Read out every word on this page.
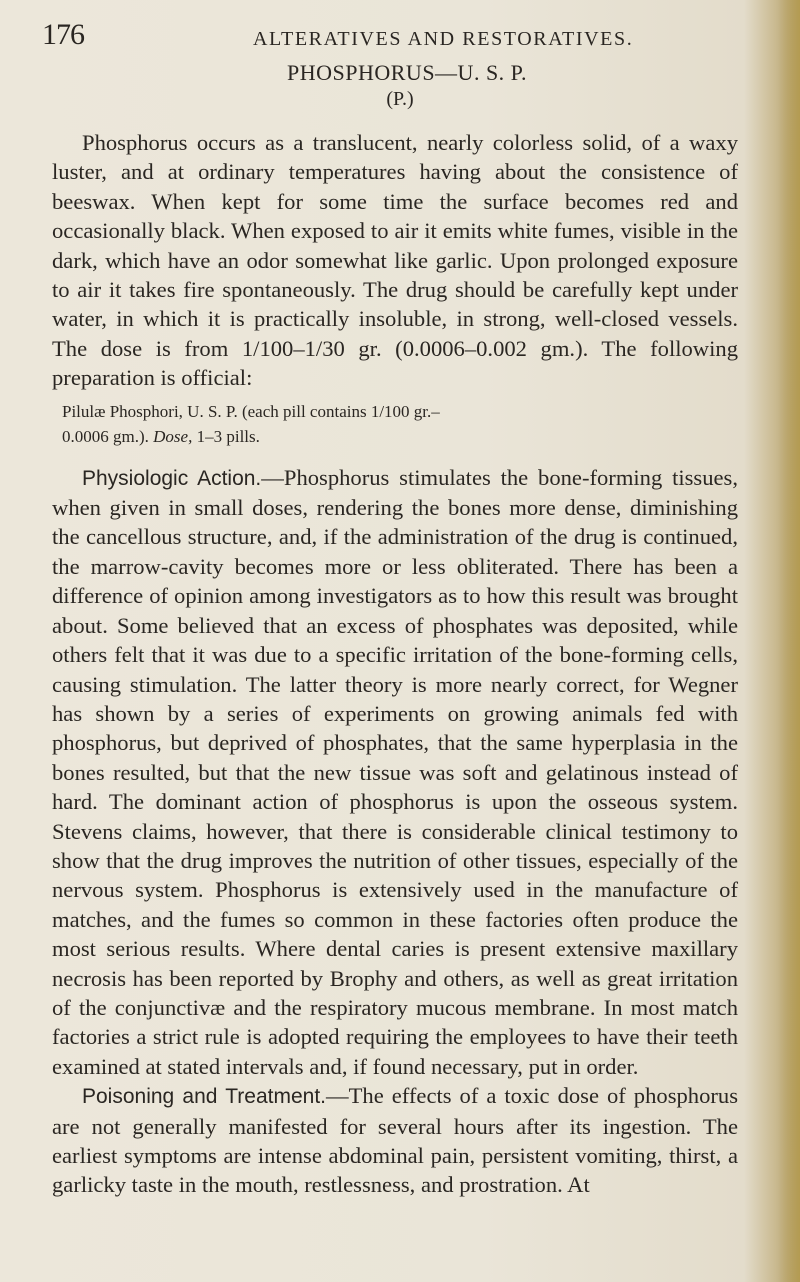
176	ALTERATIVES AND RESTORATIVES.
PHOSPHORUS—U. S. P.
(P.)

Phosphorus occurs as a translucent, nearly colorless solid, of a waxy luster, and at ordinary temperatures having about the consistence of beeswax. When kept for some time the surface becomes red and occasionally black. When exposed to air it emits white fumes, visible in the dark, which have an odor somewhat like garlic. Upon prolonged exposure to air it takes fire spontaneously. The drug should be carefully kept under water, in which it is practically insoluble, in strong, well-closed vessels. The dose is from 1/100–1/30 gr. (0.0006–0.002 gm.). The following preparation is official:

Pilulæ Phosphori, U. S. P. (each pill contains 1/100 gr.–
0.0006 gm.). Dose, 1–3 pills.

Physiologic Action.—Phosphorus stimulates the bone-forming tissues, when given in small doses, rendering the bones more dense, diminishing the cancellous structure, and, if the administration of the drug is continued, the marrow-cavity becomes more or less obliterated. There has been a difference of opinion among investigators as to how this result was brought about. Some believed that an excess of phosphates was deposited, while others felt that it was due to a specific irritation of the bone-forming cells, causing stimulation. The latter theory is more nearly correct, for Wegner has shown by a series of experiments on growing animals fed with phosphorus, but deprived of phosphates, that the same hyperplasia in the bones resulted, but that the new tissue was soft and gelatinous instead of hard. The dominant action of phosphorus is upon the osseous system. Stevens claims, however, that there is considerable clinical testimony to show that the drug improves the nutrition of other tissues, especially of the nervous system. Phosphorus is extensively used in the manufacture of matches, and the fumes so common in these factories often produce the most serious results. Where dental caries is present extensive maxillary necrosis has been reported by Brophy and others, as well as great irritation of the conjunctivæ and the respiratory mucous membrane. In most match factories a strict rule is adopted requiring the employees to have their teeth examined at stated intervals and, if found necessary, put in order.

Poisoning and Treatment.—The effects of a toxic dose of phosphorus are not generally manifested for several hours after its ingestion. The earliest symptoms are intense abdominal pain, persistent vomiting, thirst, a garlicky taste in the mouth, restlessness, and prostration. At
